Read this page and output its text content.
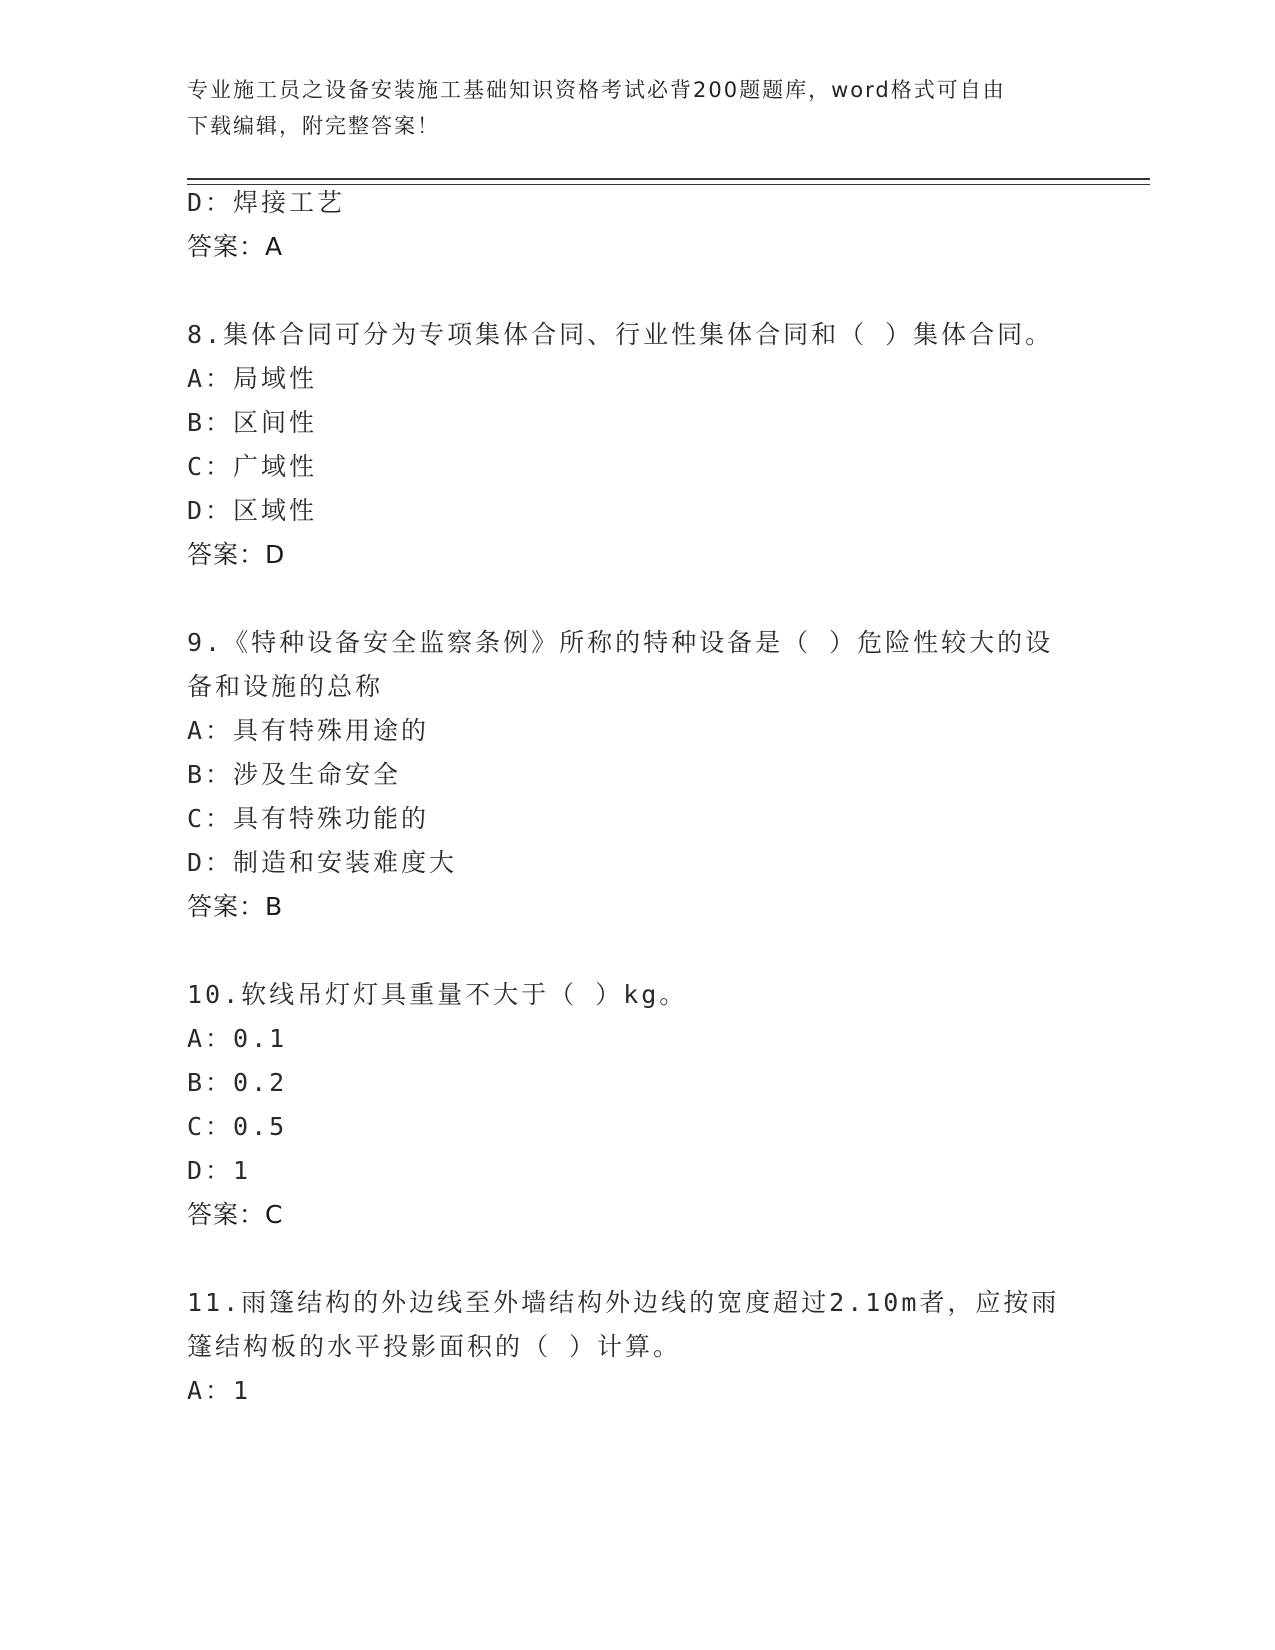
专业施工员之设备安装施工基础知识资格考试必背200题题库，word格式可自由
下载编辑，附完整答案！
D：焊接工艺
答案：A
8.集体合同可分为专项集体合同、行业性集体合同和（ ）集体合同。
A：局域性
B：区间性
C：广域性
D：区域性
答案：D
9.《特种设备安全监察条例》所称的特种设备是（ ）危险性较大的设
备和设施的总称
A：具有特殊用途的
B：涉及生命安全
C：具有特殊功能的
D：制造和安装难度大
答案：B
10.软线吊灯灯具重量不大于（ ）kg。
A：0.1
B：0.2
C：0.5
D：1
答案：C
11.雨篷结构的外边线至外墙结构外边线的宽度超过2.10m者，应按雨
篷结构板的水平投影面积的（ ）计算。
A：1
